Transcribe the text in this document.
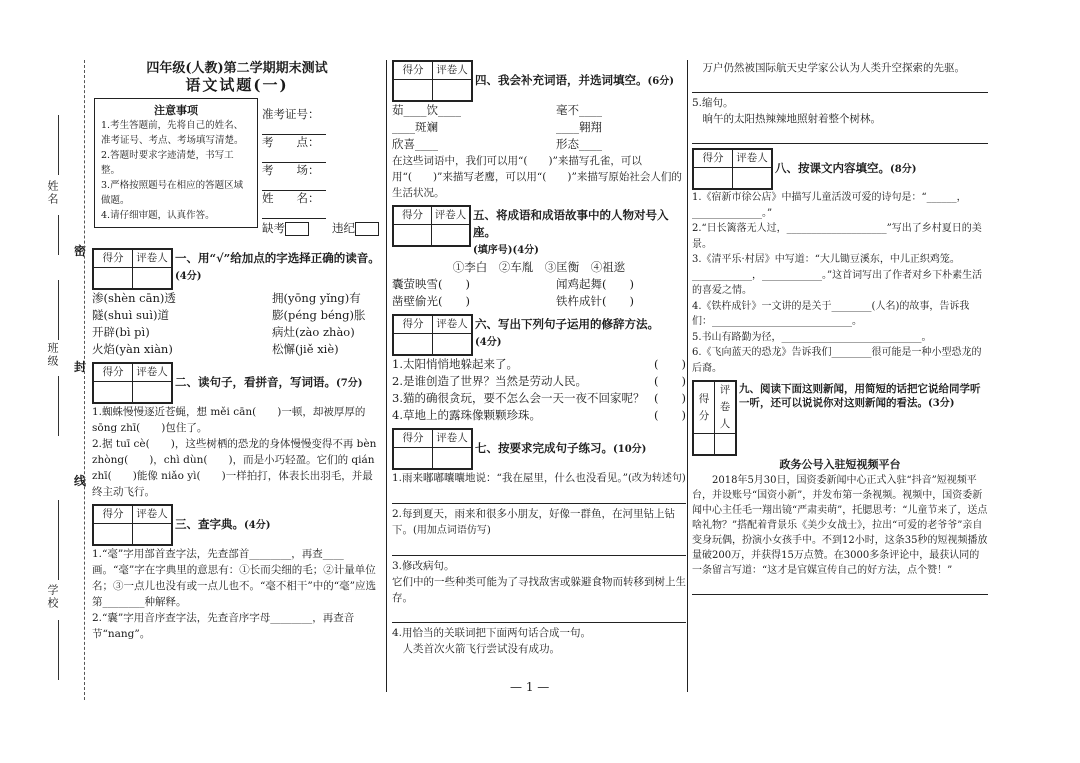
姓名
班级
学校
密
封
线
四年级(人教)第二学期期末测试
语文试题(一)
注意事项
1.考生答题前，先将自己的姓名、准考证号、考点、考场填写清楚。
2.答题时要求字迹清楚，书写工整。
3.严格按照题号在相应的答题区域做题。
4.请仔细审题，认真作答。
准考证号：
考　　点：
考　　场：
姓　　名：
缺考	违纪
得分	评卷人
	一、用“√”给加点的字选择正确的读音。
(4分)
渗(shèn cān)透	拥(yōng yǐng)有
隧(shuì suì)道	膨(péng béng)胀
开辟(bì pì)	病灶(zào zhào)
火焰(yàn xiàn)	松懈(jiě xiè)
得分	评卷人

二、读句子，看拼音，写词语。(7分)
1.蜘蛛慢慢逐近苍蝇，想 měi cān(　　)一顿，却被厚厚的 sōng zhī(　　)包住了。
2.据 tuī cè(　　)，这些树栖的恐龙的身体慢慢变得不再 bèn zhòng(　　)，chì dùn(　　)，而是小巧轻盈。它们的 qián zhī(　　)能像 niǎo yì(　　)一样拍打，体表长出羽毛，并最终主动飞行。
得分	评卷人

三、查字典。(4分)
1.“毫”字用部首查字法，先查部首________，再查____画。“毫”字在字典里的意思有：①长而尖细的毛；②计量单位名；③一点儿也没有或一点儿也不。“毫不相干”中的“毫”应选第________种解释。
2.“囊”字用音序查字法，先查音序字母________，再查音节“nang”。
得分	评卷人

四、我会补充词语，并选词填空。(6分)
茹____饮____	毫不____
____斑斓	____翱翔
欣喜____	形态____
在这些词语中，我们可以用“(　　)”来描写孔雀，可以用“(　　)”来描写老鹰，可以用“(　　)”来描写原始社会人们的生活状况。
得分	评卷人
	五、将成语和成语故事中的人物对号入座。
(填序号)(4分)
①李白　②车胤　③匡衡　④祖逖
囊萤映雪(　　)	闻鸡起舞(　　)
凿壁偷光(　　)	铁杵成针(　　)
得分	评卷人
	六、写出下列句子运用的修辞方法。
(4分)
1.太阳悄悄地躲起来了。	(　　)
2.是谁创造了世界？当然是劳动人民。	(　　)
3.猫的确很贪玩，要不怎么会一天一夜不回家呢？ (　　)
4.草地上的露珠像颗颗珍珠。	(　　)
得分	评卷人

七、按要求完成句子练习。(10分)
1.雨来嘟嘟囔囔地说：“我在屋里，什么也没看见。”(改为转述句)
2.每到夏天，雨来和很多小朋友，好像一群鱼，在河里钻上钻下。(用加点词语仿写)
3.修改病句。
它们中的一些种类可能为了寻找敌害或躲避食物而转移到树上生存。
4.用恰当的关联词把下面两句话合成一句。
人类首次火箭飞行尝试没有成功。
万户仍然被国际航天史学家公认为人类升空探索的先驱。
5.缩句。
晌午的太阳热辣辣地照射着整个树林。
得分	评卷人

八、按课文内容填空。(8分)
1.《宿新市徐公店》中描写儿童活泼可爱的诗句是：“______，______________。”
2.“日长篱落无人过，____________________”写出了乡村夏日的美景。
3.《清平乐·村居》中写道：“大儿锄豆溪东，中儿正织鸡笼。____________，____________。”这首词写出了作者对乡下朴素生活的喜爱之情。
4.《铁杵成针》一文讲的是关于________(人名)的故事，告诉我们：____________________________。
5.书山有路勤为径，____________________________。
6.《飞向蓝天的恐龙》告诉我们________很可能是一种小型恐龙的后裔。
得分	评卷人

九、阅读下面这则新闻，用简短的话把它说给同学听一听，还可以说说你对这则新闻的看法。(3分)
政务公号入驻短视频平台

2018年5月30日，国资委新闻中心正式入驻“抖音”短视频平台，并设账号“国资小新”，并发布第一条视频。视频中，国资委新闻中心主任毛一翔出镜“严肃卖萌”，托腮思考：“儿童节来了，送点啥礼物？”搭配着背景乐《美少女战士》，拉出“可爱的老爷爷”亲自变身玩偶，扮演小女孩手中。不到12小时，这条35秒的短视频播放量破200万，并获得15万点赞。在3000多条评论中，最获认同的一条留言写道：“这才是官媒宣传自己的好方法，点个赞！”

— 1 —
